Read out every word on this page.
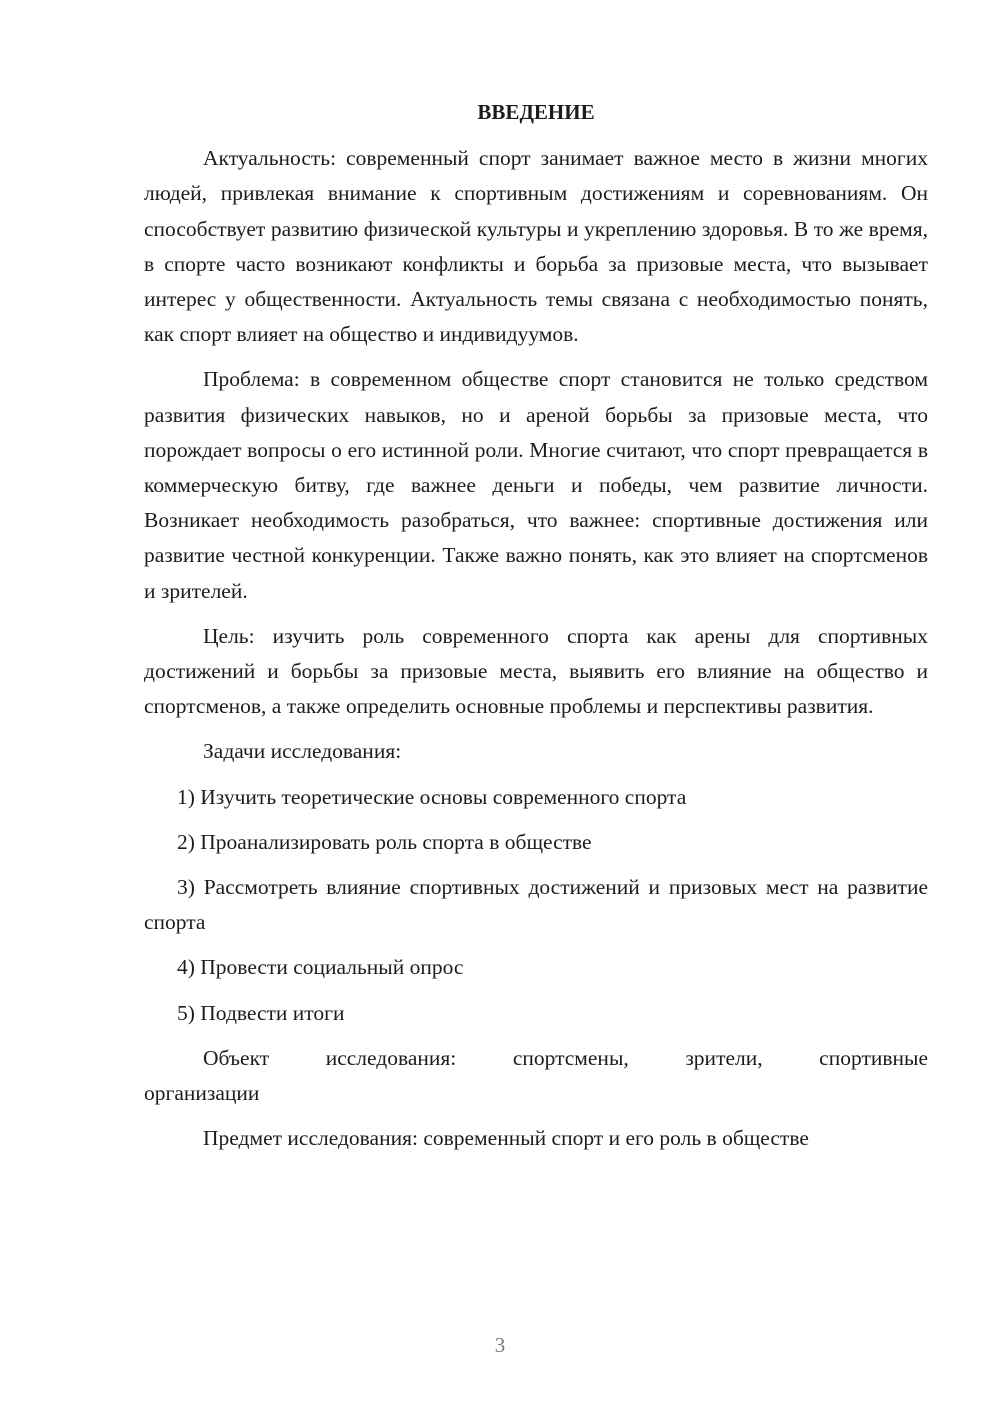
ВВЕДЕНИЕ

Актуальность: современный спорт занимает важное место в жизни многих людей, привлекая внимание к спортивным достижениям и соревнованиям. Он способствует развитию физической культуры и укреплению здоровья. В то же время, в спорте часто возникают конфликты и борьба за призовые места, что вызывает интерес у общественности. Актуальность темы связана с необходимостью понять, как спорт влияет на общество и индивидуумов.

Проблема: в современном обществе спорт становится не только средством развития физических навыков, но и ареной борьбы за призовые места, что порождает вопросы о его истинной роли. Многие считают, что спорт превращается в коммерческую битву, где важнее деньги и победы, чем развитие личности. Возникает необходимость разобраться, что важнее: спортивные достижения или развитие честной конкуренции. Также важно понять, как это влияет на спортсменов и зрителей.

Цель: изучить роль современного спорта как арены для спортивных достижений и борьбы за призовые места, выявить его влияние на общество и спортсменов, а также определить основные проблемы и перспективы развития.

Задачи исследования:

1) Изучить теоретические основы современного спорта

2) Проанализировать роль спорта в обществе

3) Рассмотреть влияние спортивных достижений и призовых мест на развитие спорта

4) Провести социальный опрос

5) Подвести итоги

Объект исследования: спортсмены, зрители, спортивные
организации

Предмет исследования: современный спорт и его роль в обществе

3
